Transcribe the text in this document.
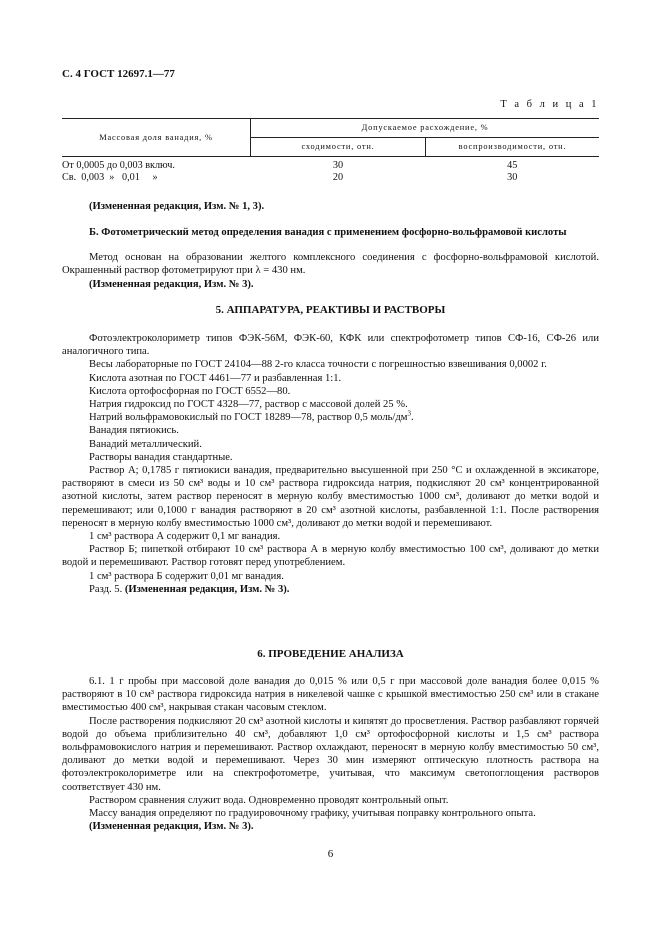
С. 4 ГОСТ 12697.1—77
Т а б л и ц а 1
Массовая доля ванадия, %	Допускаемое расхождение, %	
	сходимости, отн.	воспроизводимости, отн.
От 0,0005 до 0,003 включ.	30	45
Св.  0,003  »   0,01     »	20	30

(Измененная редакция, Изм. № 1, 3).

Б. Фотометрический метод определения ванадия с применением фосфорно-вольфрамовой кислоты

Метод основан на образовании желтого комплексного соединения с фосфорно-вольфрамовой кислотой. Окрашенный раствор фотометрируют при λ = 430 нм.

(Измененная редакция, Изм. № 3).

5. АППАРАТУРА, РЕАКТИВЫ И РАСТВОРЫ

Фотоэлектроколориметр типов ФЭК-56М, ФЭК-60, КФК или спектрофотометр типов СФ-16, СФ-26 или аналогичного типа.

Весы лабораторные по ГОСТ 24104—88 2-го класса точности с погрешностью взвешивания 0,0002 г.

Кислота азотная по ГОСТ 4461—77 и разбавленная 1:1.

Кислота ортофосфорная по ГОСТ 6552—80.

Натрия гидроксид по ГОСТ 4328—77, раствор с массовой долей 25 %.

Натрий вольфрамовокислый по ГОСТ 18289—78, раствор 0,5 моль/$дм^3$.

Ванадия пятиокись.

Ванадий металлический.

Растворы ванадия стандартные.

Раствор А; 0,1785 г пятиокиси ванадия, предварительно высушенной при 250 °С и охлажденной в эксикаторе, растворяют в смеси из 50 см³ воды и 10 см³ раствора гидроксида натрия, подкисляют 20 см³ концентрированной азотной кислоты, затем раствор переносят в мерную колбу вместимостью 1000 см³, доливают до метки водой и перемешивают; или 0,1000 г ванадия растворяют в 20 см³ азотной кислоты, разбавленной 1:1. После растворения переносят в мерную колбу вместимостью 1000 см³, доливают до метки водой и перемешивают.

1 см³ раствора А содержит 0,1 мг ванадия.

Раствор Б; пипеткой отбирают 10 см³ раствора А в мерную колбу вместимостью 100 см³, доливают до метки водой и перемешивают. Раствор готовят перед употреблением.

1 см³ раствора Б содержит 0,01 мг ванадия.

Разд. 5. (Измененная редакция, Изм. № 3).

6. ПРОВЕДЕНИЕ АНАЛИЗА

6.1. 1 г пробы при массовой доле ванадия до 0,015 % или 0,5 г при массовой доле ванадия более 0,015 % растворяют в 10 см³ раствора гидроксида натрия в никелевой чашке с крышкой вместимостью 250 см³ или в стакане вместимостью 400 см³, накрывая стакан часовым стеклом.

После растворения подкисляют 20 см³ азотной кислоты и кипятят до просветления. Раствор разбавляют горячей водой до объема приблизительно 40 см³, добавляют 1,0 см³ ортофосфорной кислоты и 1,5 см³ раствора вольфрамовокислого натрия и перемешивают. Раствор охлаждают, переносят в мерную колбу вместимостью 50 см³, доливают до метки водой и перемешивают. Через 30 мин измеряют оптическую плотность раствора на фотоэлектроколориметре или на спектрофотометре, учитывая, что максимум светопоглощения растворов соответствует 430 нм.

Раствором сравнения служит вода. Одновременно проводят контрольный опыт.

Массу ванадия определяют по градуировочному графику, учитывая поправку контрольного опыта.

(Измененная редакция, Изм. № 3).

6
